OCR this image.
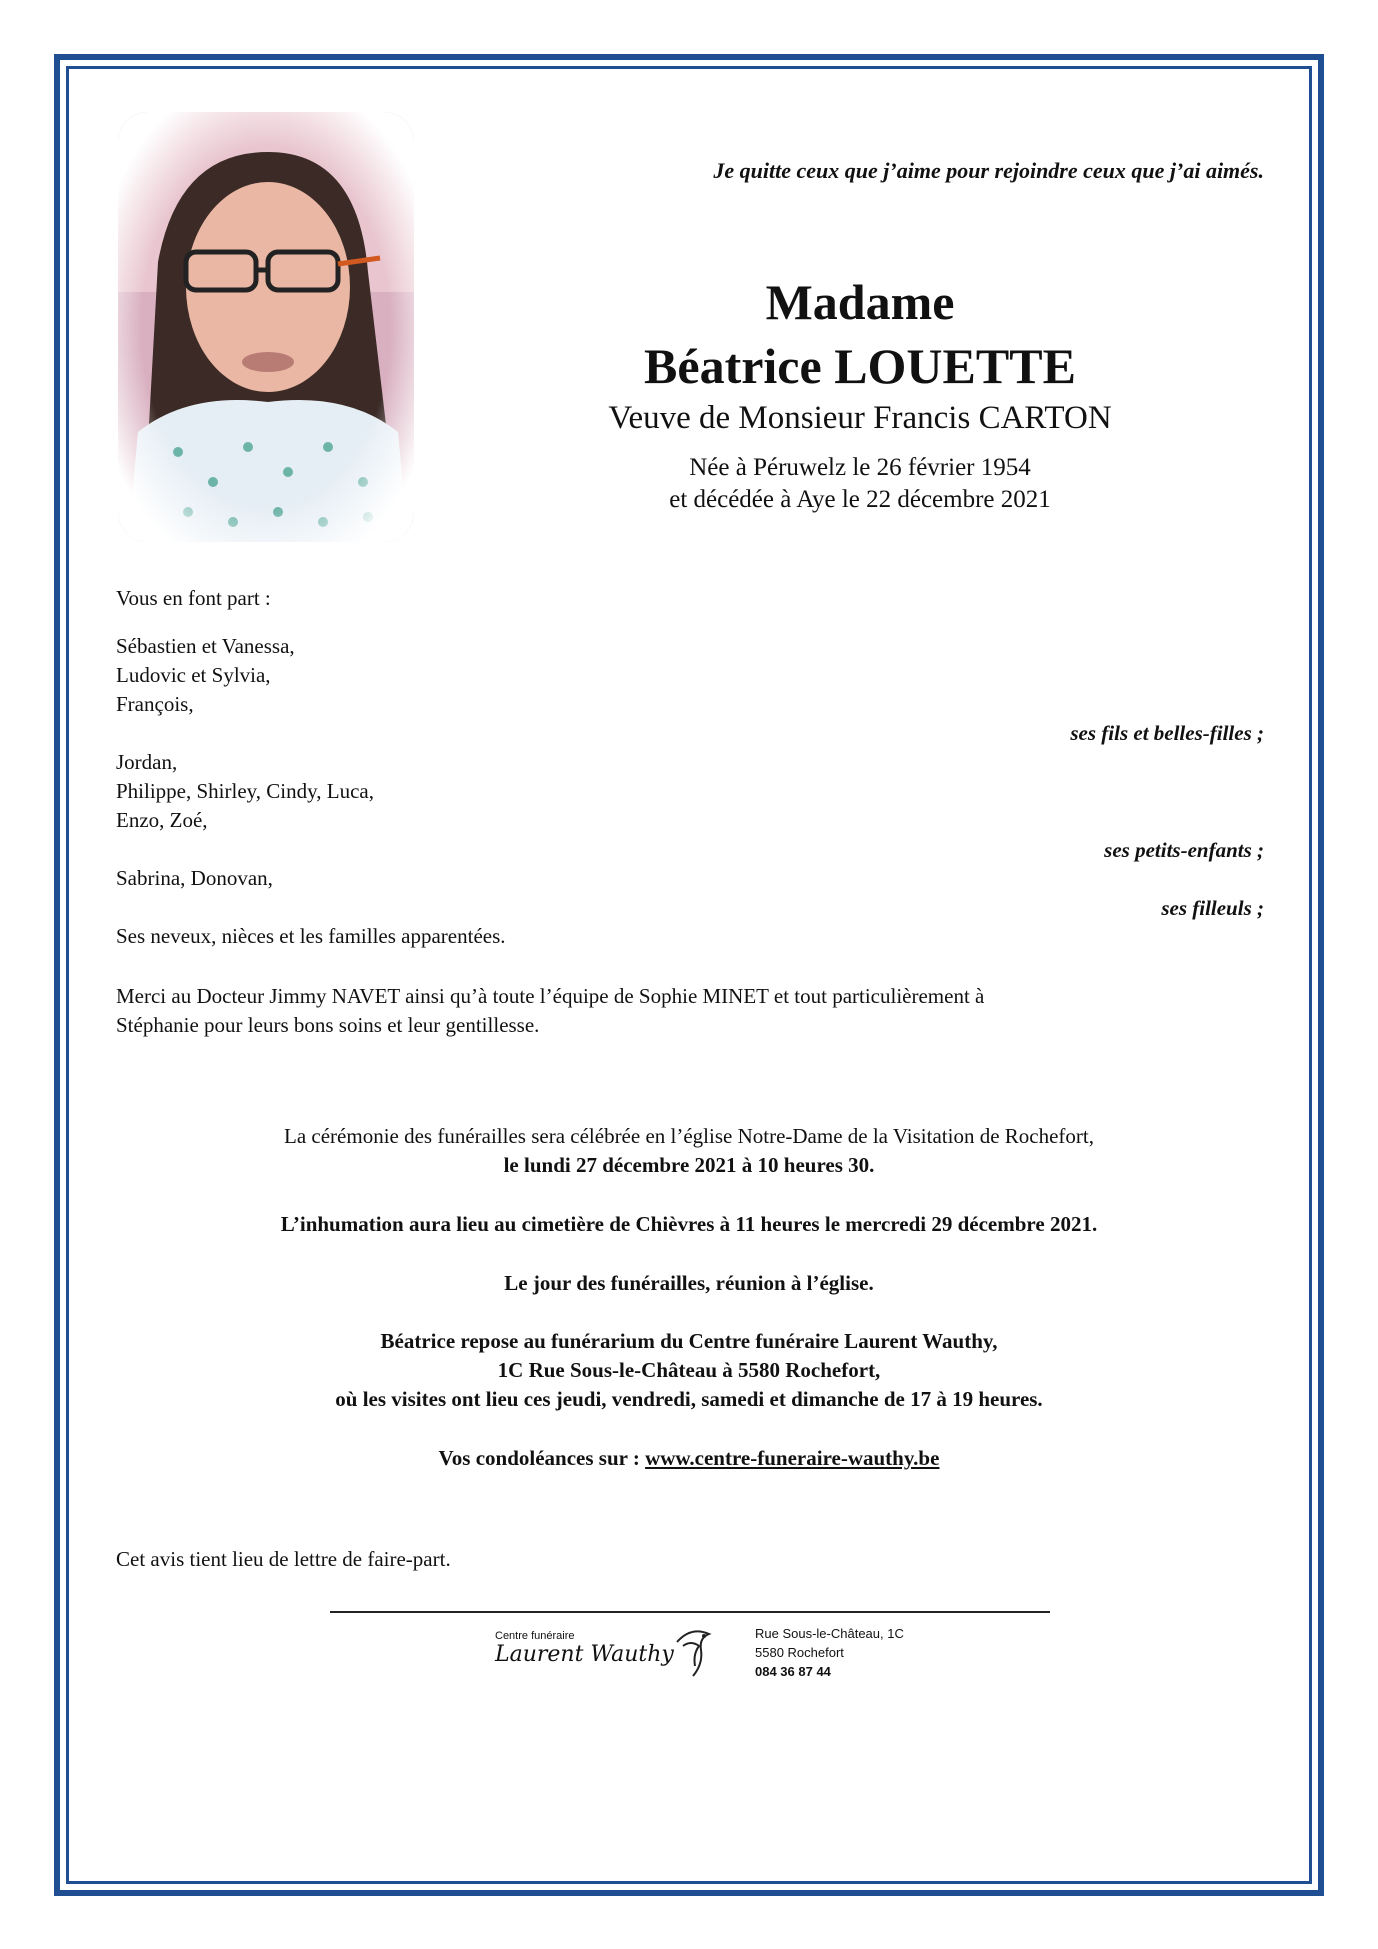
Je quitte ceux que j’aime pour rejoindre ceux que j’ai aimés.
Madame
Béatrice LOUETTE
Veuve de Monsieur Francis CARTON
Née à Péruwelz le 26 février 1954
et décédée à Aye le 22 décembre 2021
Vous en font part :
Sébastien et Vanessa,
Ludovic et Sylvia,
François,
ses fils et belles-filles ;
Jordan,
Philippe, Shirley, Cindy, Luca,
Enzo, Zoé,
ses petits-enfants ;
Sabrina, Donovan,
ses filleuls ;
Ses neveux, nièces et les familles apparentées.
Merci au Docteur Jimmy NAVET ainsi qu’à toute l’équipe de Sophie MINET et tout particulièrement à
Stéphanie pour leurs bons soins et leur gentillesse.
La cérémonie des funérailles sera célébrée en l’église Notre-Dame de la Visitation de Rochefort,
le lundi 27 décembre 2021 à 10 heures 30.
L’inhumation aura lieu au cimetière de Chièvres à 11 heures le mercredi 29 décembre 2021.
Le jour des funérailles, réunion à l’église.
Béatrice repose au funérarium du Centre funéraire Laurent Wauthy,
1C Rue Sous-le-Château à 5580 Rochefort,
où les visites ont lieu ces jeudi, vendredi, samedi et dimanche de 17 à 19 heures.
Vos condoléances sur : www.centre-funeraire-wauthy.be
Cet avis tient lieu de lettre de faire-part.
Centre funéraire
Laurent Wauthy
Rue Sous-le-Château, 1C
5580 Rochefort
084 36 87 44
